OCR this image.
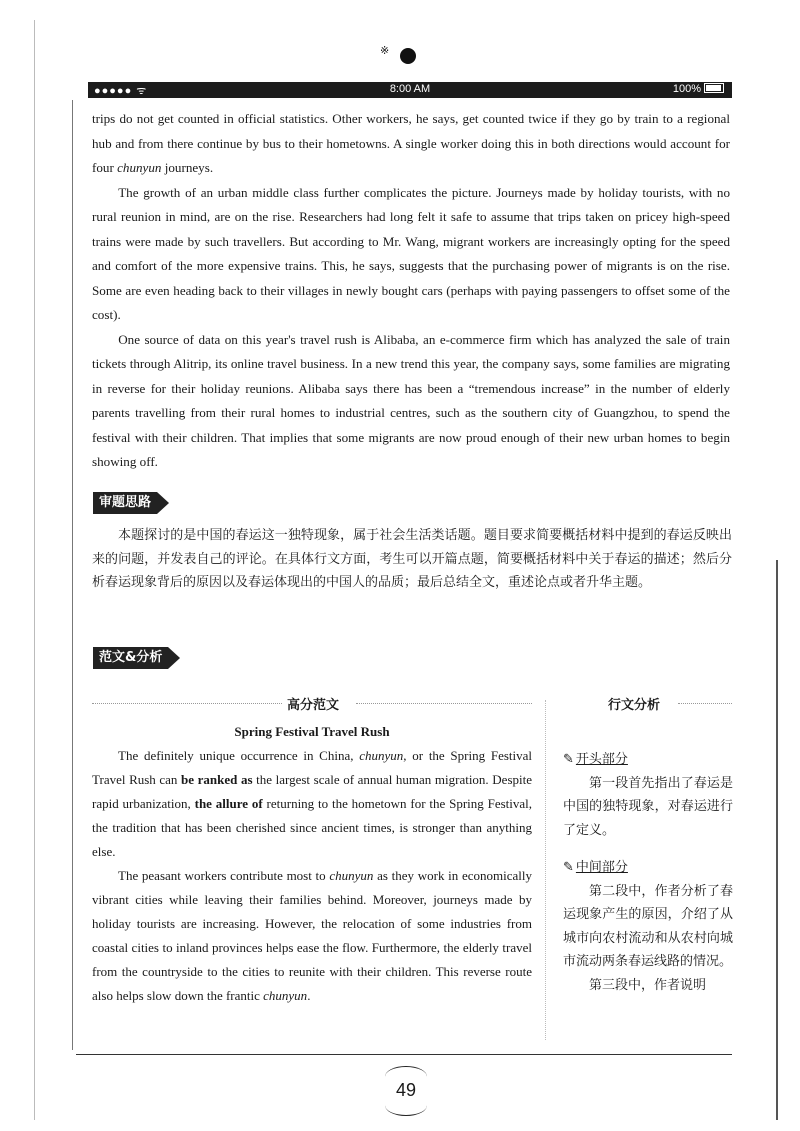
※
●●●●● ᯤ	8:00 AM	100%

trips do not get counted in official statistics. Other workers, he says, get counted twice if they go by train to a regional hub and from there continue by bus to their hometowns. A single worker doing this in both directions would account for four chunyun journeys.

The growth of an urban middle class further complicates the picture. Journeys made by holiday tourists, with no rural reunion in mind, are on the rise. Researchers had long felt it safe to assume that trips taken on pricey high-speed trains were made by such travellers. But according to Mr. Wang, migrant workers are increasingly opting for the speed and comfort of the more expensive trains. This, he says, suggests that the purchasing power of migrants is on the rise. Some are even heading back to their villages in newly bought cars (perhaps with paying passengers to offset some of the cost).

One source of data on this year's travel rush is Alibaba, an e-commerce firm which has analyzed the sale of train tickets through Alitrip, its online travel business. In a new trend this year, the company says, some families are migrating in reverse for their holiday reunions. Alibaba says there has been a “tremendous increase” in the number of elderly parents travelling from their rural homes to industrial centres, such as the southern city of Guangzhou, to spend the festival with their children. That implies that some migrants are now proud enough of their new urban homes to begin showing off.

审题思路
本题探讨的是中国的春运这一独特现象，属于社会生活类话题。题目要求简要概括材料中提到的春运反映出来的问题，并发表自己的评论。在具体行文方面，考生可以开篇点题，简要概括材料中关于春运的描述；然后分析春运现象背后的原因以及春运体现出的中国人的品质；最后总结全文，重述论点或者升华主题。
范文&分析
高分范文	行文分析
Spring Festival Travel Rush

The definitely unique occurrence in China, chunyun, or the Spring Festival Travel Rush can be ranked as the largest scale of annual human migration. Despite rapid urbanization, the allure of returning to the hometown for the Spring Festival, the tradition that has been cherished since ancient times, is stronger than anything else.

The peasant workers contribute most to chunyun as they work in economically vibrant cities while leaving their families behind. Moreover, journeys made by holiday tourists are increasing. However, the relocation of some industries from coastal cities to inland provinces helps ease the flow. Furthermore, the elderly travel from the countryside to the cities to reunite with their children. This reverse route also helps slow down the frantic chunyun.

✎ 开头部分

第一段首先指出了春运是中国的独特现象，对春运进行了定义。

✎ 中间部分

第二段中，作者分析了春运现象产生的原因，介绍了从城市向农村流动和从农村向城市流动两条春运线路的情况。

第三段中，作者说明

49
